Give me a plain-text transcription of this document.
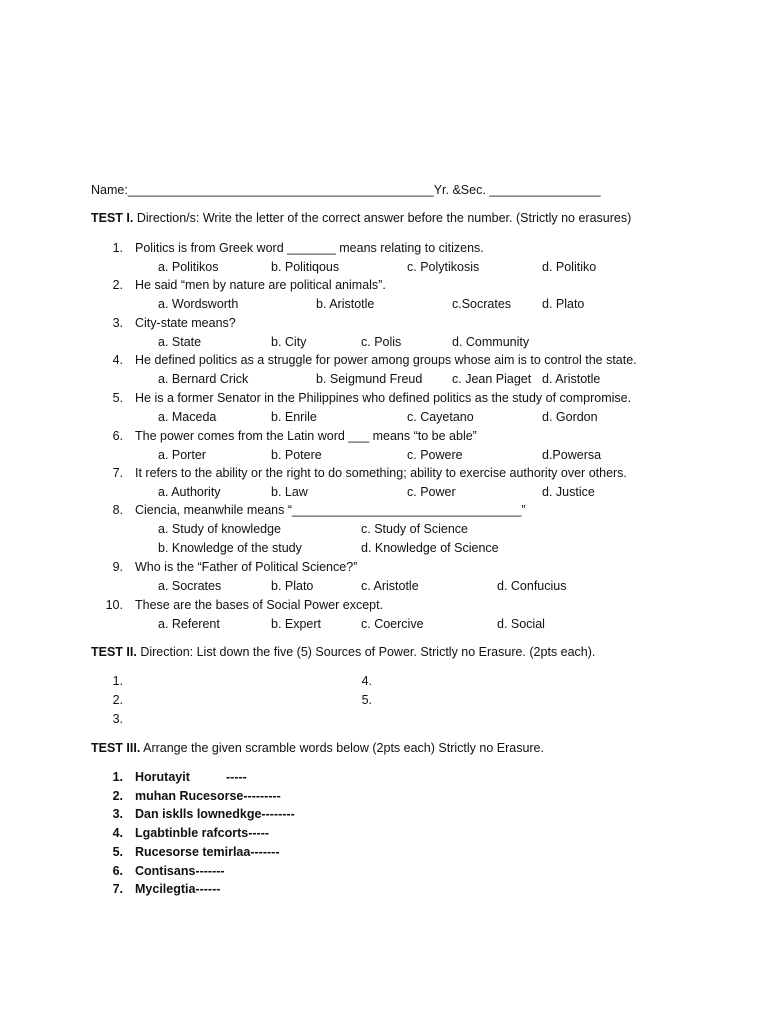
Name:____________________________________________Yr. &Sec. ________________
TEST I. Direction/s: Write the letter of the correct answer before the number. (Strictly no erasures)
1. Politics is from Greek word _______ means relating to citizens.
a. Politikos	b. Politiqous	c. Polytikosis	d. Politiko
2. He said “men by nature are political animals”.
a. Wordsworth	b. Aristotle	c.Socrates d. Plato
3. City-state means?
a. State	b. City	c. Polis	d. Community
4. He defined politics as a struggle for power among groups whose aim is to control the state.
a. Bernard Crick	b. Seigmund Freud c. Jean Piaget d. Aristotle
5. He is a former Senator in the Philippines who defined politics as the study of compromise.
a. Maceda	b. Enrile	c. Cayetano	d. Gordon
6. The power comes from the Latin word ___ means “to be able”
a. Porter	b. Potere	c. Powere	d.Powersa
7. It refers to the ability or the right to do something; ability to exercise authority over others.
a. Authority	b. Law	c. Power	d. Justice
8. Ciencia, meanwhile means “_________________________________”
a. Study of knowledge	c. Study of Science
b. Knowledge of the study	d. Knowledge of Science
9. Who is the “Father of Political Science?”
a. Socrates	b. Plato	c. Aristotle	d. Confucius
10. These are the bases of Social Power except.
a. Referent	b. Expert	c. Coercive	d. Social
TEST II. Direction: List down the five (5) Sources of Power. Strictly no Erasure. (2pts each).
1.
2.
3.
4.
5.
TEST III. Arrange the given scramble words below (2pts each) Strictly no Erasure.
1. Horutayit	-----
2. muhan Rucesorse---------
3. Dan isklls lownedkge--------
4. Lgabtinble rafcorts-----
5. Rucesorse temirlaa-------
6. Contisans-------
7. Mycilegtia------
